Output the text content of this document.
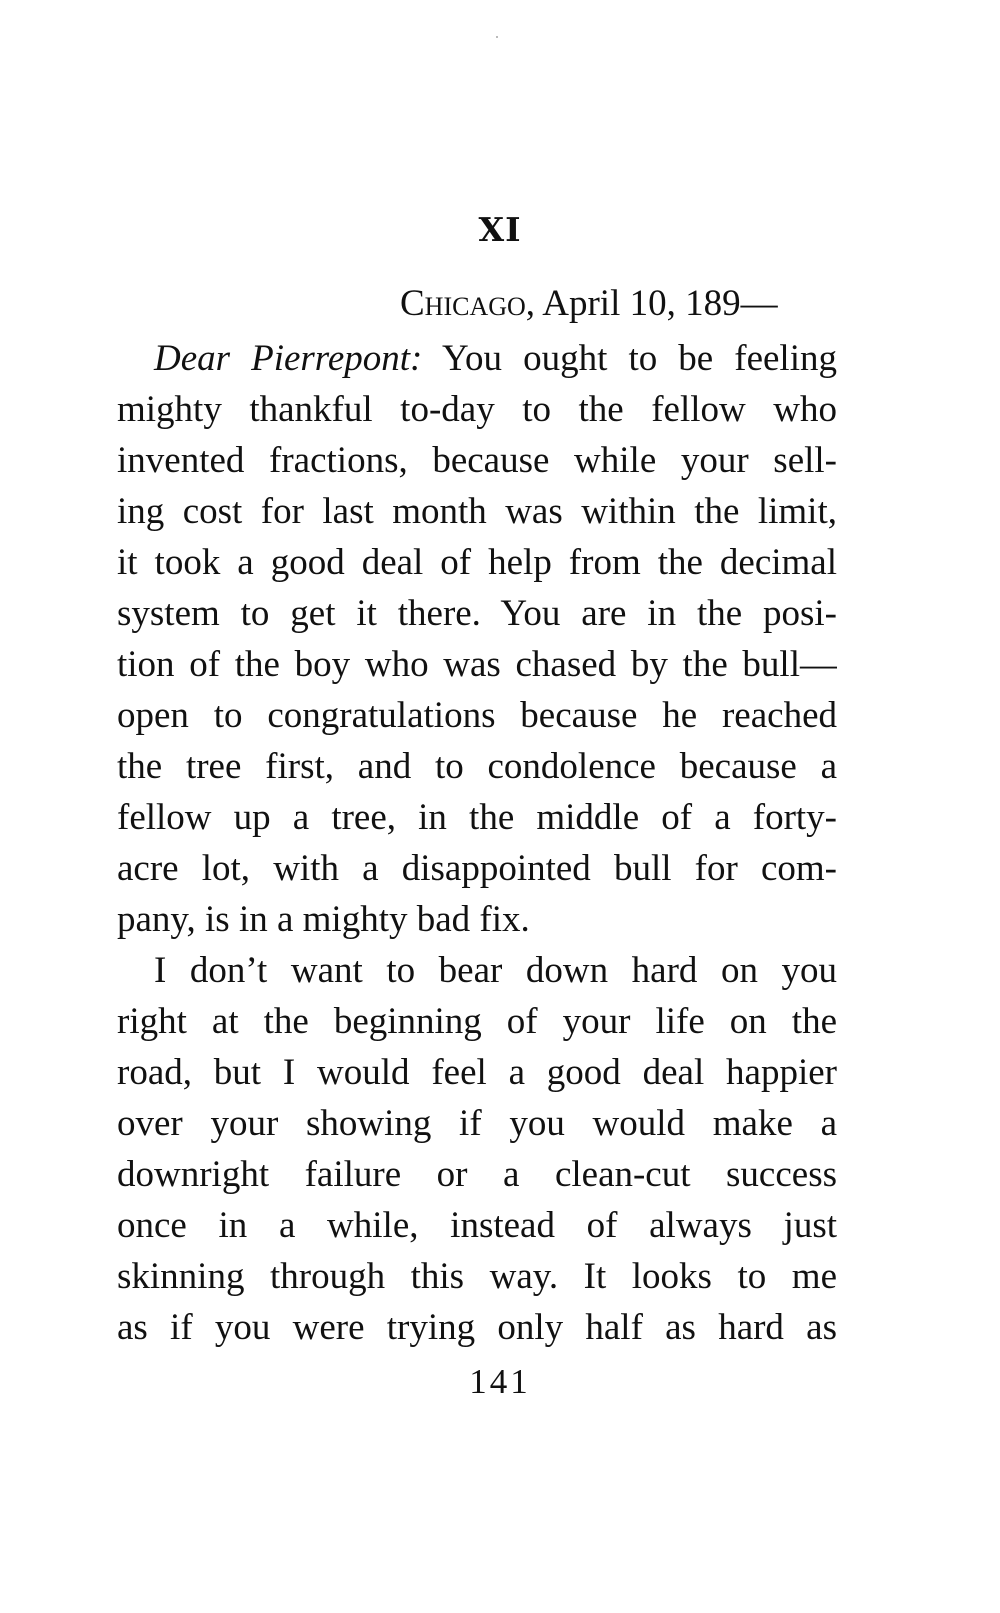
XI
Chicago, April 10, 189—
Dear Pierrepont: You ought to be feeling
mighty thankful to-day to the fellow who
invented fractions, because while your sell-
ing cost for last month was within the limit,
it took a good deal of help from the decimal
system to get it there. You are in the posi-
tion of the boy who was chased by the bull—
open to congratulations because he reached
the tree first, and to condolence because a
fellow up a tree, in the middle of a forty-
acre lot, with a disappointed bull for com-
pany, is in a mighty bad fix.
I don’t want to bear down hard on you
right at the beginning of your life on the
road, but I would feel a good deal happier
over your showing if you would make a
downright failure or a clean-cut success
once in a while, instead of always just
skinning through this way. It looks to me
as if you were trying only half as hard as
141
